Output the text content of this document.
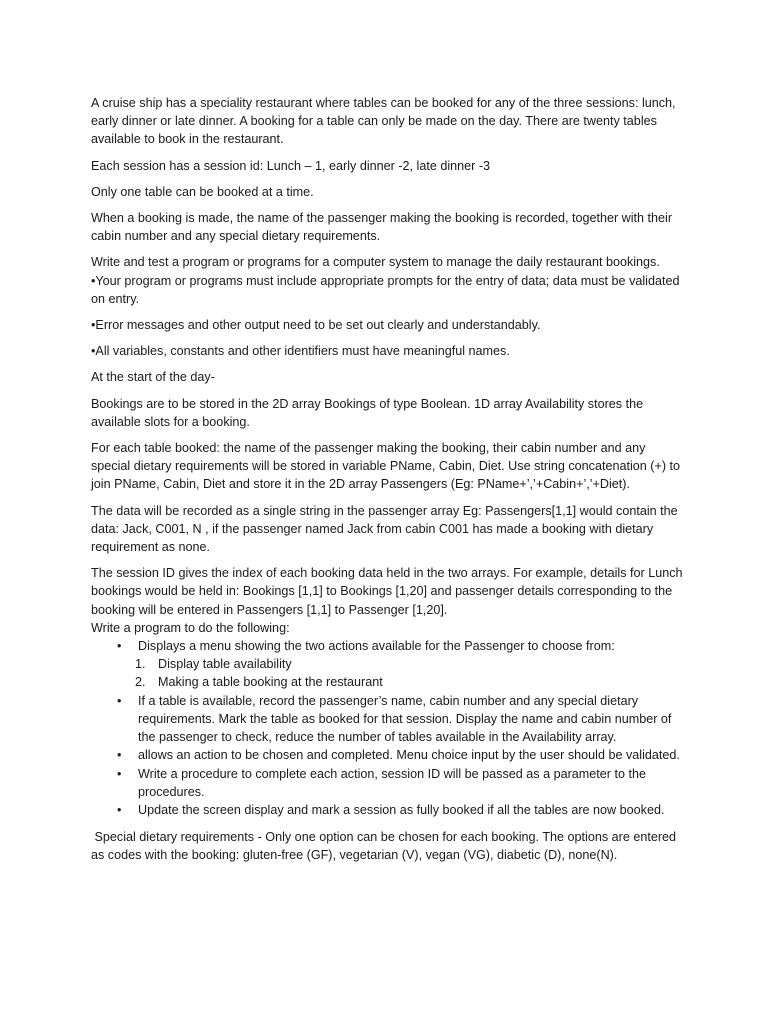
A cruise ship has a speciality restaurant where tables can be booked for any of the three sessions: lunch, early dinner or late dinner. A booking for a table can only be made on the day. There are twenty tables available to book in the restaurant.

Each session has a session id: Lunch – 1, early dinner -2, late dinner -3

Only one table can be booked at a time.

When a booking is made, the name of the passenger making the booking is recorded, together with their cabin number and any special dietary requirements.

Write and test a program or programs for a computer system to manage the daily restaurant bookings.

• Your program or programs must include appropriate prompts for the entry of data; data must be validated on entry.

• Error messages and other output need to be set out clearly and understandably.

• All variables, constants and other identifiers must have meaningful names.

At the start of the day-

Bookings are to be stored in the 2D array Bookings of type Boolean. 1D array Availability stores the available slots for a booking.

For each table booked: the name of the passenger making the booking, their cabin number and any special dietary requirements will be stored in variable PName, Cabin, Diet. Use string concatenation (+) to join PName, Cabin, Diet and store it in the 2D array Passengers (Eg: PName+’,’+Cabin+’,’+Diet).

The data will be recorded as a single string in the passenger array Eg: Passengers[1,1] would contain the data: Jack, C001, N , if the passenger named Jack from cabin C001 has made a booking with dietary requirement as none.

The session ID gives the index of each booking data held in the two arrays. For example, details for Lunch bookings would be held in: Bookings [1,1] to Bookings [1,20] and passenger details corresponding to the booking will be entered in Passengers [1,1] to Passenger [1,20].

Write a program to do the following:

• Displays a menu showing the two actions available for the Passenger to choose from:
1. Display table availability
2. Making a table booking at the restaurant
• If a table is available, record the passenger’s name, cabin number and any special dietary requirements. Mark the table as booked for that session. Display the name and cabin number of the passenger to check, reduce the number of tables available in the Availability array.
• allows an action to be chosen and completed. Menu choice input by the user should be validated.
• Write a procedure to complete each action, session ID will be passed as a parameter to the procedures.
• Update the screen display and mark a session as fully booked if all the tables are now booked.

Special dietary requirements - Only one option can be chosen for each booking. The options are entered as codes with the booking: gluten-free (GF), vegetarian (V), vegan (VG), diabetic (D), none(N).
